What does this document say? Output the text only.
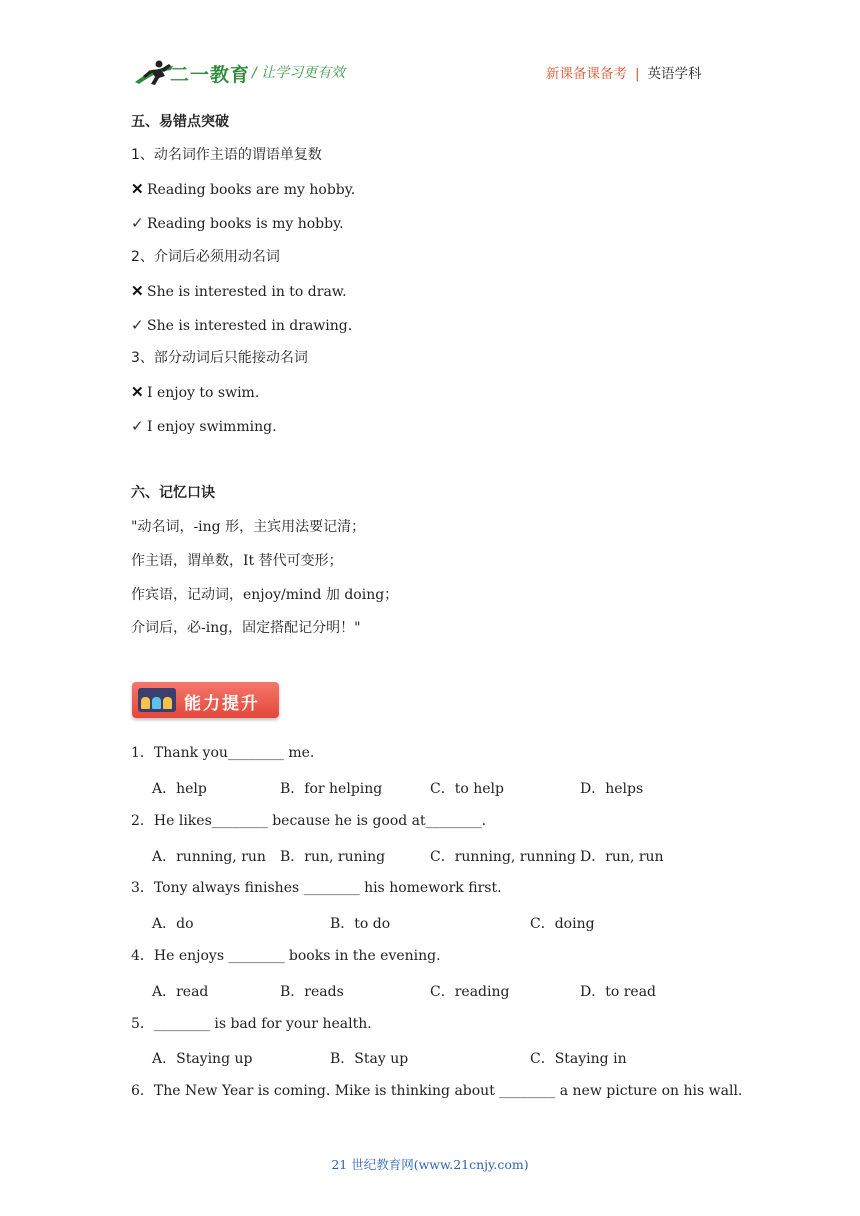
二一教育 / 让学习更有效	新课备课备考 | 英语学科
五、易错点突破
1、动名词作主语的谓语单复数
✕ Reading books are my hobby.
✓ Reading books is my hobby.
2、介词后必须用动名词
✕ She is interested in to draw.
✓ She is interested in drawing.
3、部分动词后只能接动名词
✕ I enjoy to swim.
✓ I enjoy swimming.
六、记忆口诀
"动名词，-ing 形，主宾用法要记清；
作主语，谓单数，It 替代可变形；
作宾语，记动词，enjoy/mind 加 doing；
介词后，必-ing，固定搭配记分明！"
能力提升
1．Thank you________ me.
A．help	B．for helping	C．to help	D．helps
2．He likes________ because he is good at________.
A．running, run B．run, runing	C．running, running D．run, run
3．Tony always finishes ________ his homework first.
A．do	B．to do	C．doing
4．He enjoys ________ books in the evening.
A．read	B．reads	C．reading	D．to read
5．________ is bad for your health.
A．Staying up	B．Stay up	C．Staying in
6．The New Year is coming. Mike is thinking about ________ a new picture on his wall.
21 世纪教育网(www.21cnjy.com)
